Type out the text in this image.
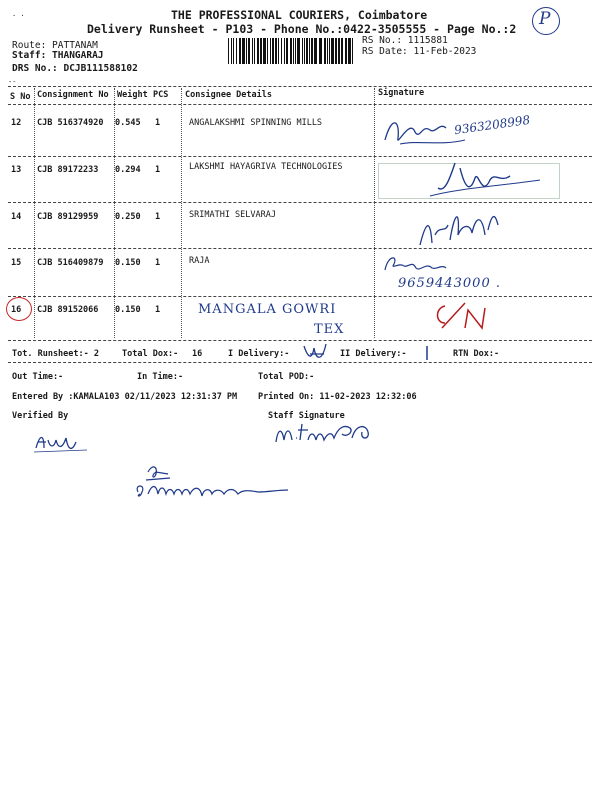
· ·	P
THE PROFESSIONAL COURIERS, Coimbatore
Delivery Runsheet - P103 - Phone No.:0422-3505555 - Page No.:2
Route: PATTANAM
Staff: THANGARAJ
DRS No.: DCJB111588102
RS No.: 1115881
RS Date: 11-Feb-2023
--
S No Consignment No Weight PCS Consignee Details	Signature
12 CJB 516374920 0.545 1	ANGALAKSHMI SPINNING MILLS	9363208998
13 CJB 89172233 0.294 1	LAKSHMI HAYAGRIVA TECHNOLOGIES
14 CJB 89129959 0.250 1	SRIMATHI SELVARAJ
15 CJB 516409879 0.150 1	RAJA
9659443000 .
16 CJB 89152066 0.150 1	MANGALA GOWRI
TEX
Tot. Runsheet:- 2	Total Dox:- 16	I Delivery:-	II Delivery:-	RTN Dox:-
Out Time:-	In Time:-	Total POD:-
Entered By :KAMALA103 02/11/2023 12:31:37 PM Printed On: 11-02-2023 12:32:06
Verified By	Staff Signature
